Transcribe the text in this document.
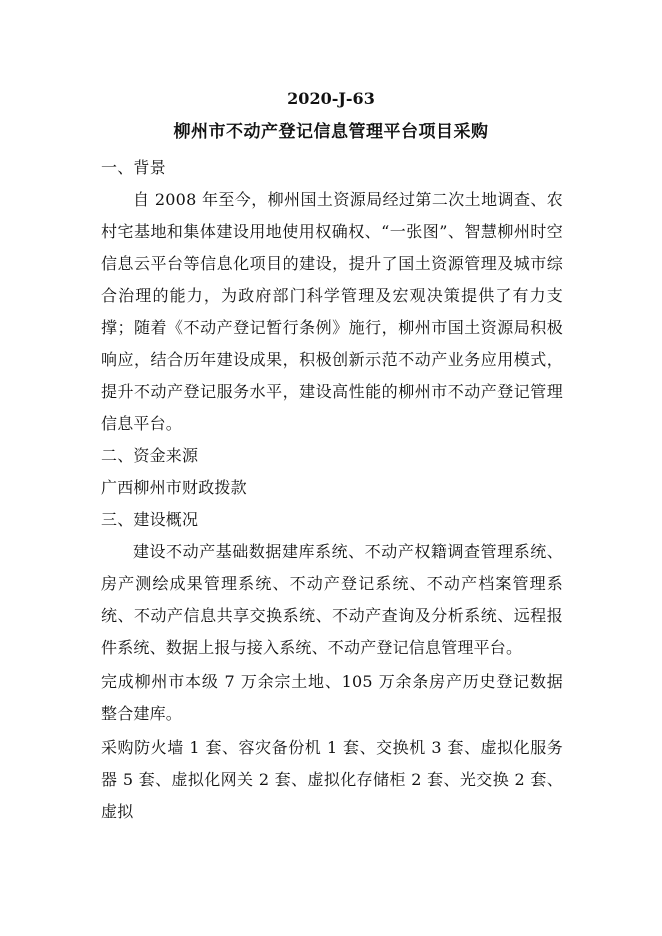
2020-J-63
柳州市不动产登记信息管理平台项目采购

一、背景

自 2008 年至今，柳州国土资源局经过第二次土地调查、农村宅基地和集体建设用地使用权确权、“一张图”、智慧柳州时空信息云平台等信息化项目的建设，提升了国土资源管理及城市综合治理的能力，为政府部门科学管理及宏观决策提供了有力支撑；随着《不动产登记暂行条例》施行，柳州市国土资源局积极响应，结合历年建设成果，积极创新示范不动产业务应用模式，提升不动产登记服务水平，建设高性能的柳州市不动产登记管理信息平台。

二、资金来源

广西柳州市财政拨款

三、建设概况

建设不动产基础数据建库系统、不动产权籍调查管理系统、房产测绘成果管理系统、不动产登记系统、不动产档案管理系统、不动产信息共享交换系统、不动产查询及分析系统、远程报件系统、数据上报与接入系统、不动产登记信息管理平台。

完成柳州市本级 7 万余宗土地、105 万余条房产历史登记数据整合建库。

采购防火墙 1 套、容灾备份机 1 套、交换机 3 套、虚拟化服务器 5 套、虚拟化网关 2 套、虚拟化存储柜 2 套、光交换 2 套、虚拟
